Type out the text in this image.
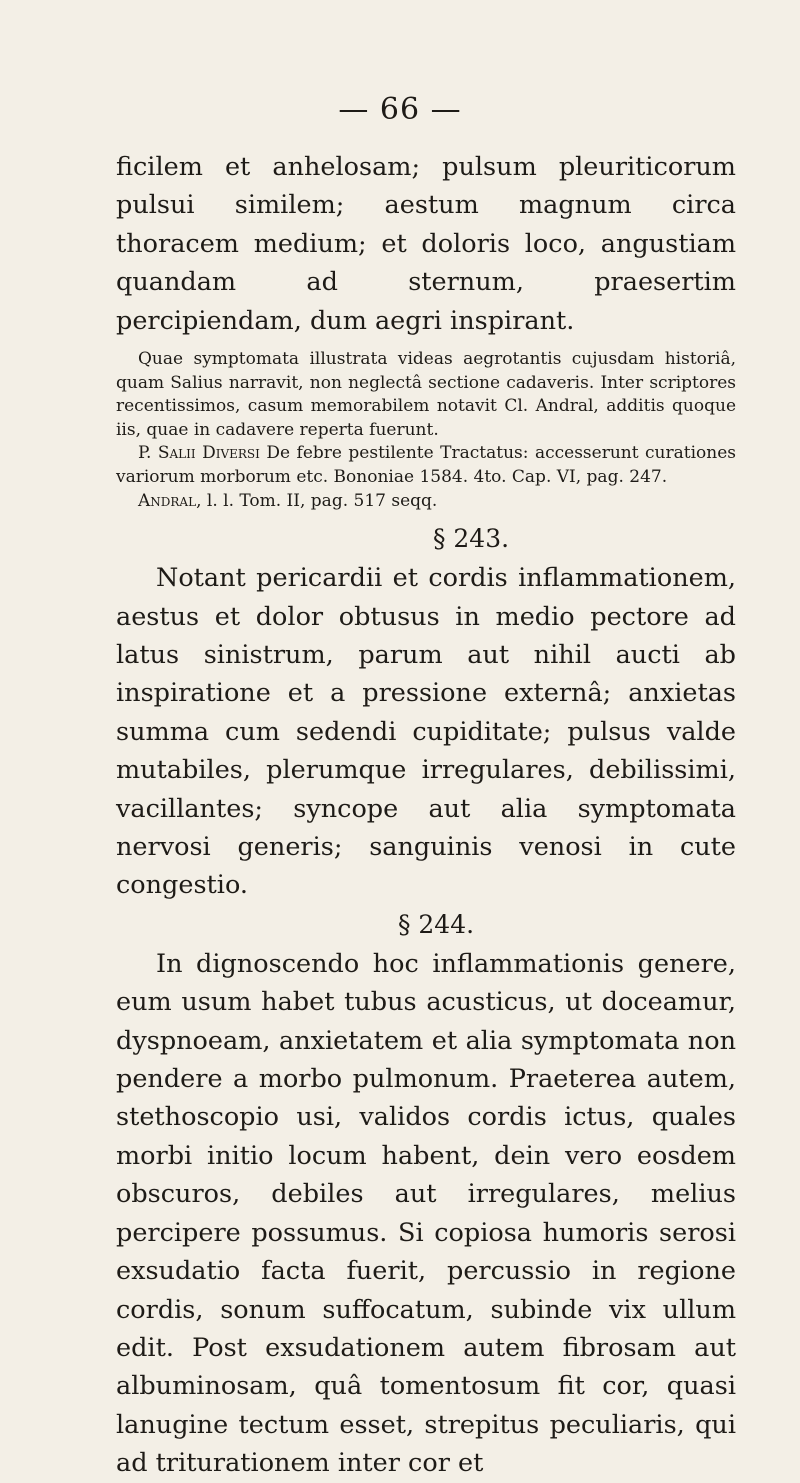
— 66 —

ficilem et anhelosam; pulsum pleuriticorum pulsui similem; aestum magnum circa thoracem medium; et doloris loco, angustiam quandam ad sternum, praesertim percipiendam, dum aegri inspirant.

Quae symptomata illustrata videas aegrotantis cujusdam historiâ, quam Salius narravit, non neglectâ sectione cadaveris. Inter scriptores recentissimos, casum memorabilem notavit Cl. Andral, additis quoque iis, quae in cadavere reperta fuerunt.

P. Salii Diversi De febre pestilente Tractatus: accesserunt curationes variorum morborum etc. Bononiae 1584. 4to. Cap. VI, pag. 247.

Andral, l. l. Tom. II, pag. 517 seqq.

§ 243.

Notant pericardii et cordis inflammationem, aestus et dolor obtusus in medio pectore ad latus sinistrum, parum aut nihil aucti ab inspiratione et a pressione externâ; anxietas summa cum sedendi cupiditate; pulsus valde mutabiles, plerumque irregulares, debilissimi, vacillantes; syncope aut alia symptomata nervosi generis; sanguinis venosi in cute congestio.

§ 244.

In dignoscendo hoc inflammationis genere, eum usum habet tubus acusticus, ut doceamur, dyspnoeam, anxietatem et alia symptomata non pendere a morbo pulmonum. Praeterea autem, stethoscopio usi, validos cordis ictus, quales morbi initio locum habent, dein vero eosdem obscuros, debiles aut irregulares, melius percipere possumus. Si copiosa humoris serosi exsudatio facta fuerit, percussio in regione cordis, sonum suffocatum, subinde vix ullum edit. Post exsudationem autem fibrosam aut albuminosam, quâ tomentosum fit cor, quasi lanugine tectum esset, strepitus peculiaris, qui ad triturationem inter cor et
